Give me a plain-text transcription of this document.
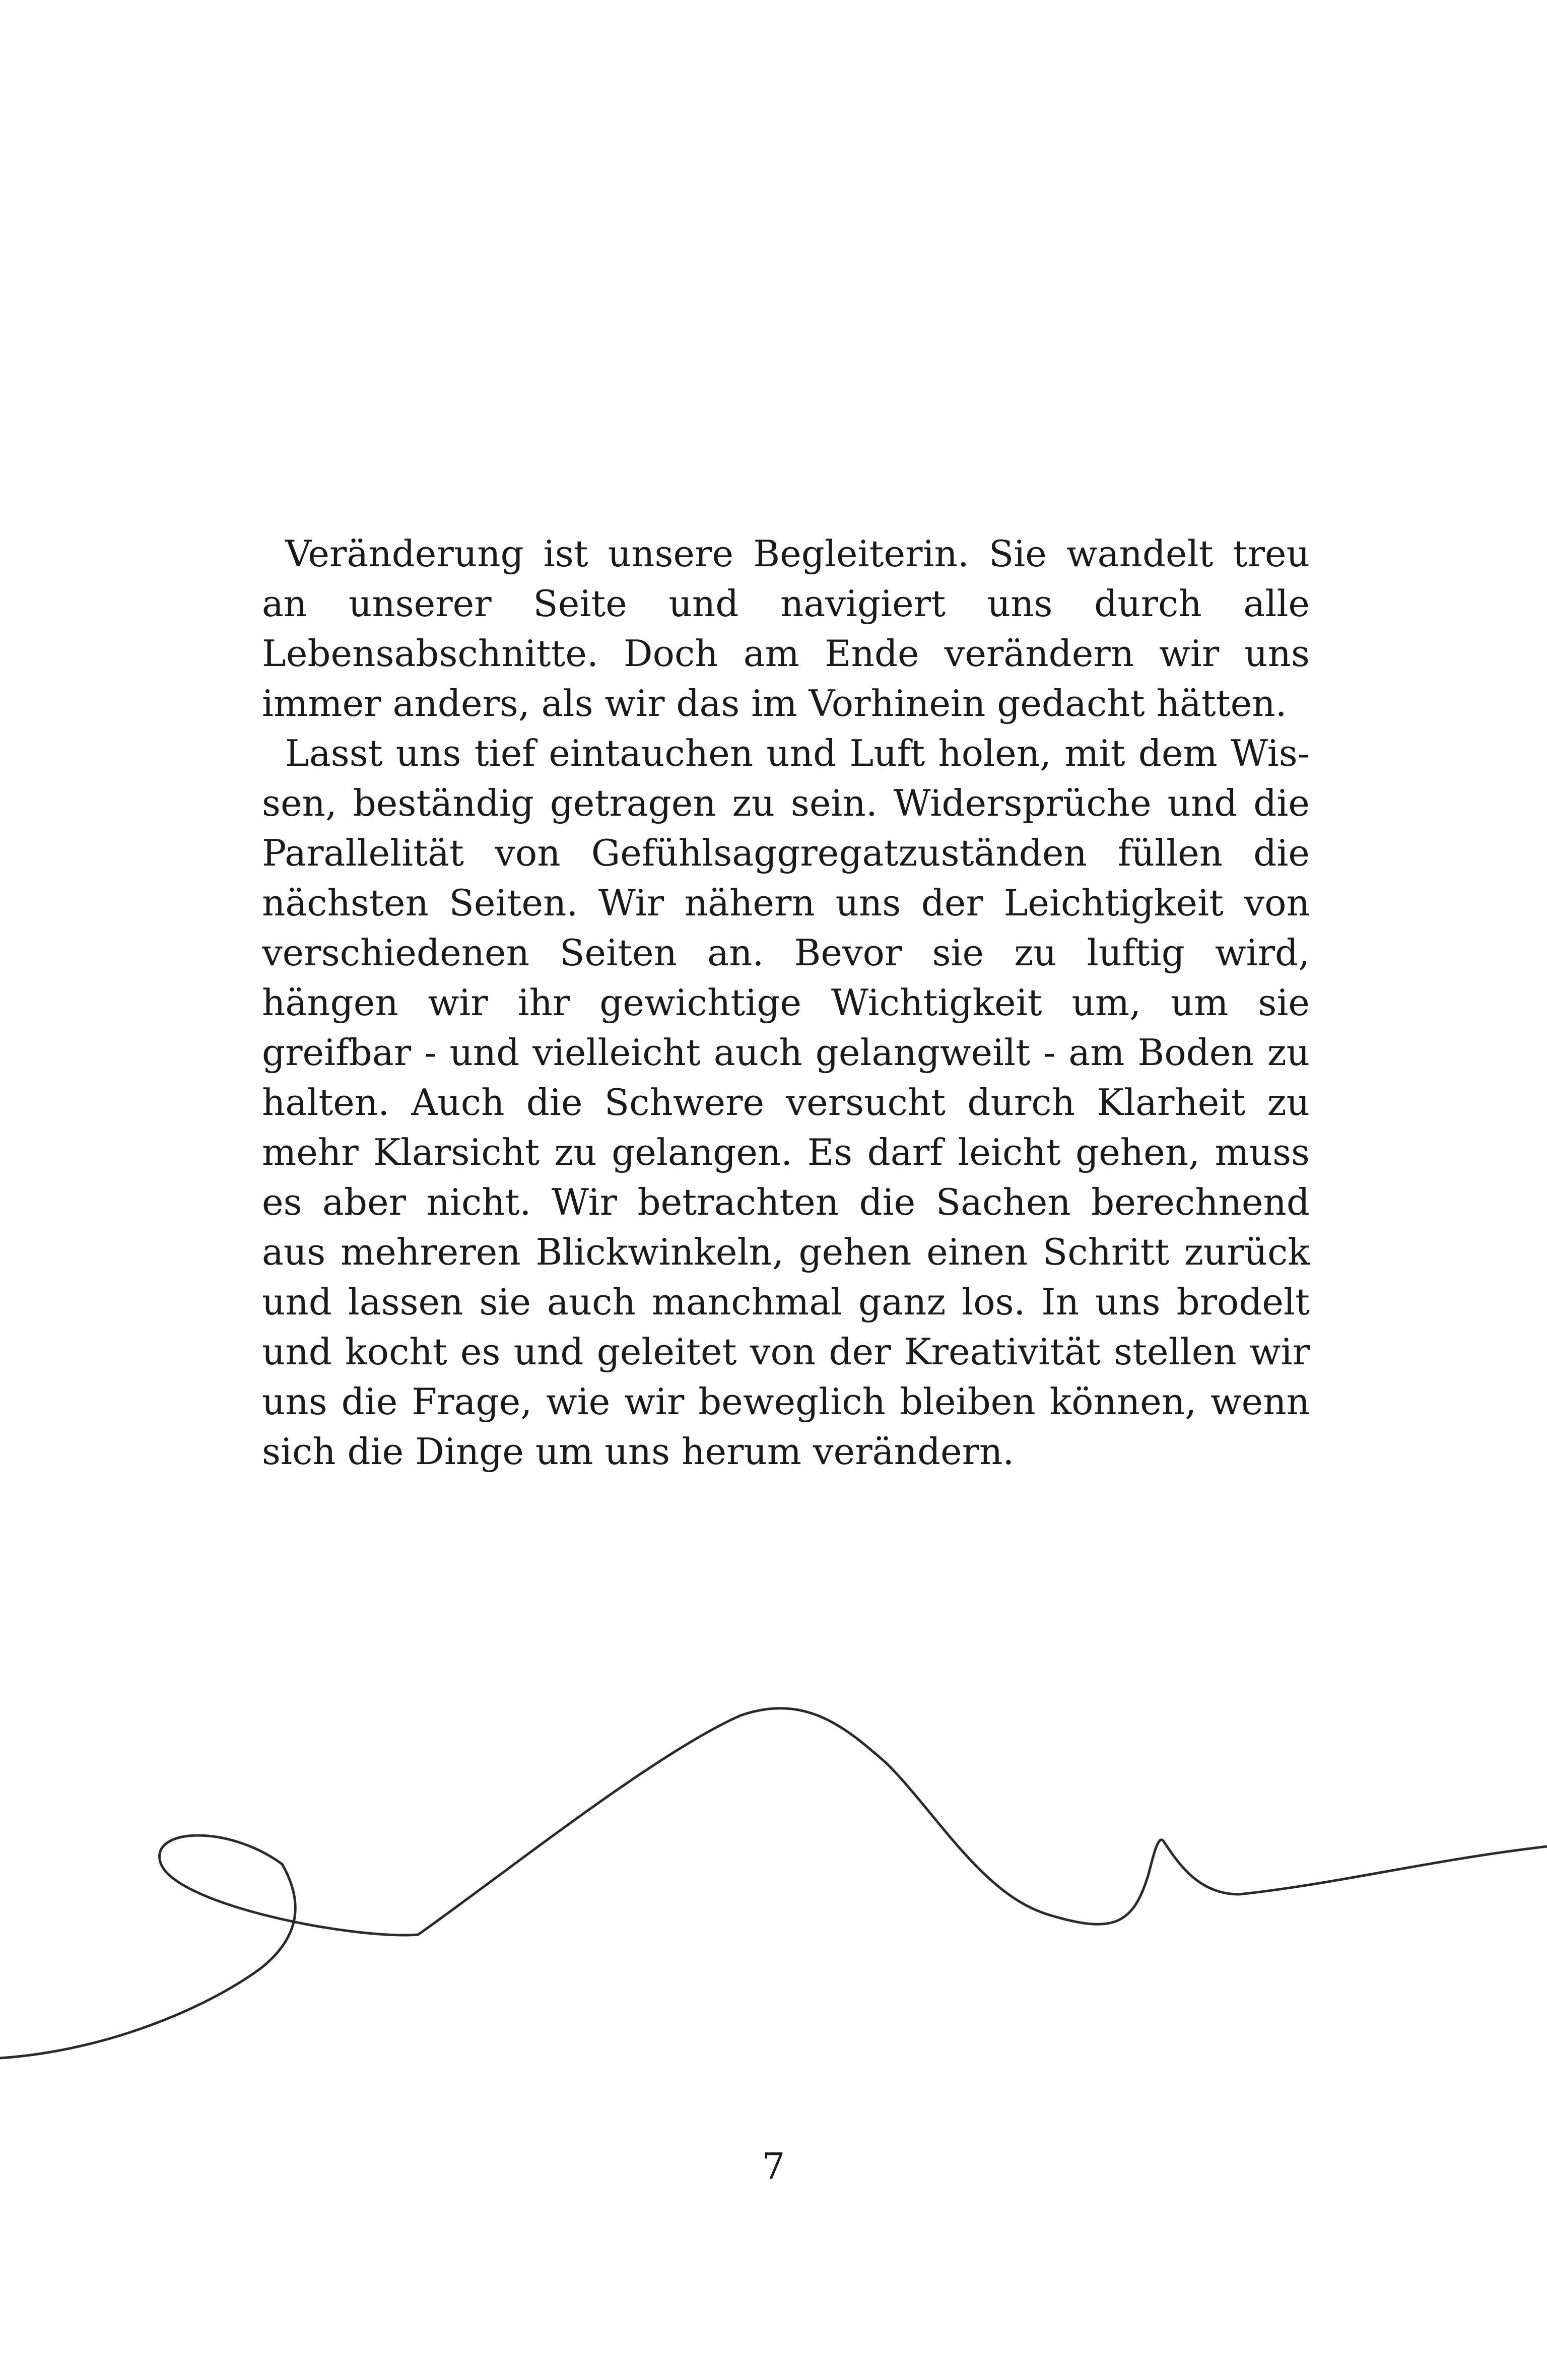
Veränderung ist unsere Begleiterin. Sie wandelt treu an unserer Seite und navigiert uns durch alle Lebensabschnitte. Doch am Ende verändern wir uns immer anders, als wir das im Vorhinein gedacht hätten.

Lasst uns tief eintauchen und Luft holen, mit dem Wissen, beständig getragen zu sein. Widersprüche und die Parallelität von Gefühlsaggregatzuständen füllen die nächsten Seiten. Wir nähern uns der Leichtigkeit von verschiedenen Seiten an. Bevor sie zu luftig wird, hängen wir ihr gewichtige Wichtigkeit um, um sie greifbar - und vielleicht auch gelangweilt - am Boden zu halten. Auch die Schwere versucht durch Klarheit zu mehr Klarsicht zu gelangen. Es darf leicht gehen, muss es aber nicht. Wir betrachten die Sachen berechnend aus mehreren Blickwinkeln, gehen einen Schritt zurück und lassen sie auch manchmal ganz los. In uns brodelt und kocht es und geleitet von der Kreativität stellen wir uns die Frage, wie wir beweglich bleiben können, wenn sich die Dinge um uns herum verändern.

7
